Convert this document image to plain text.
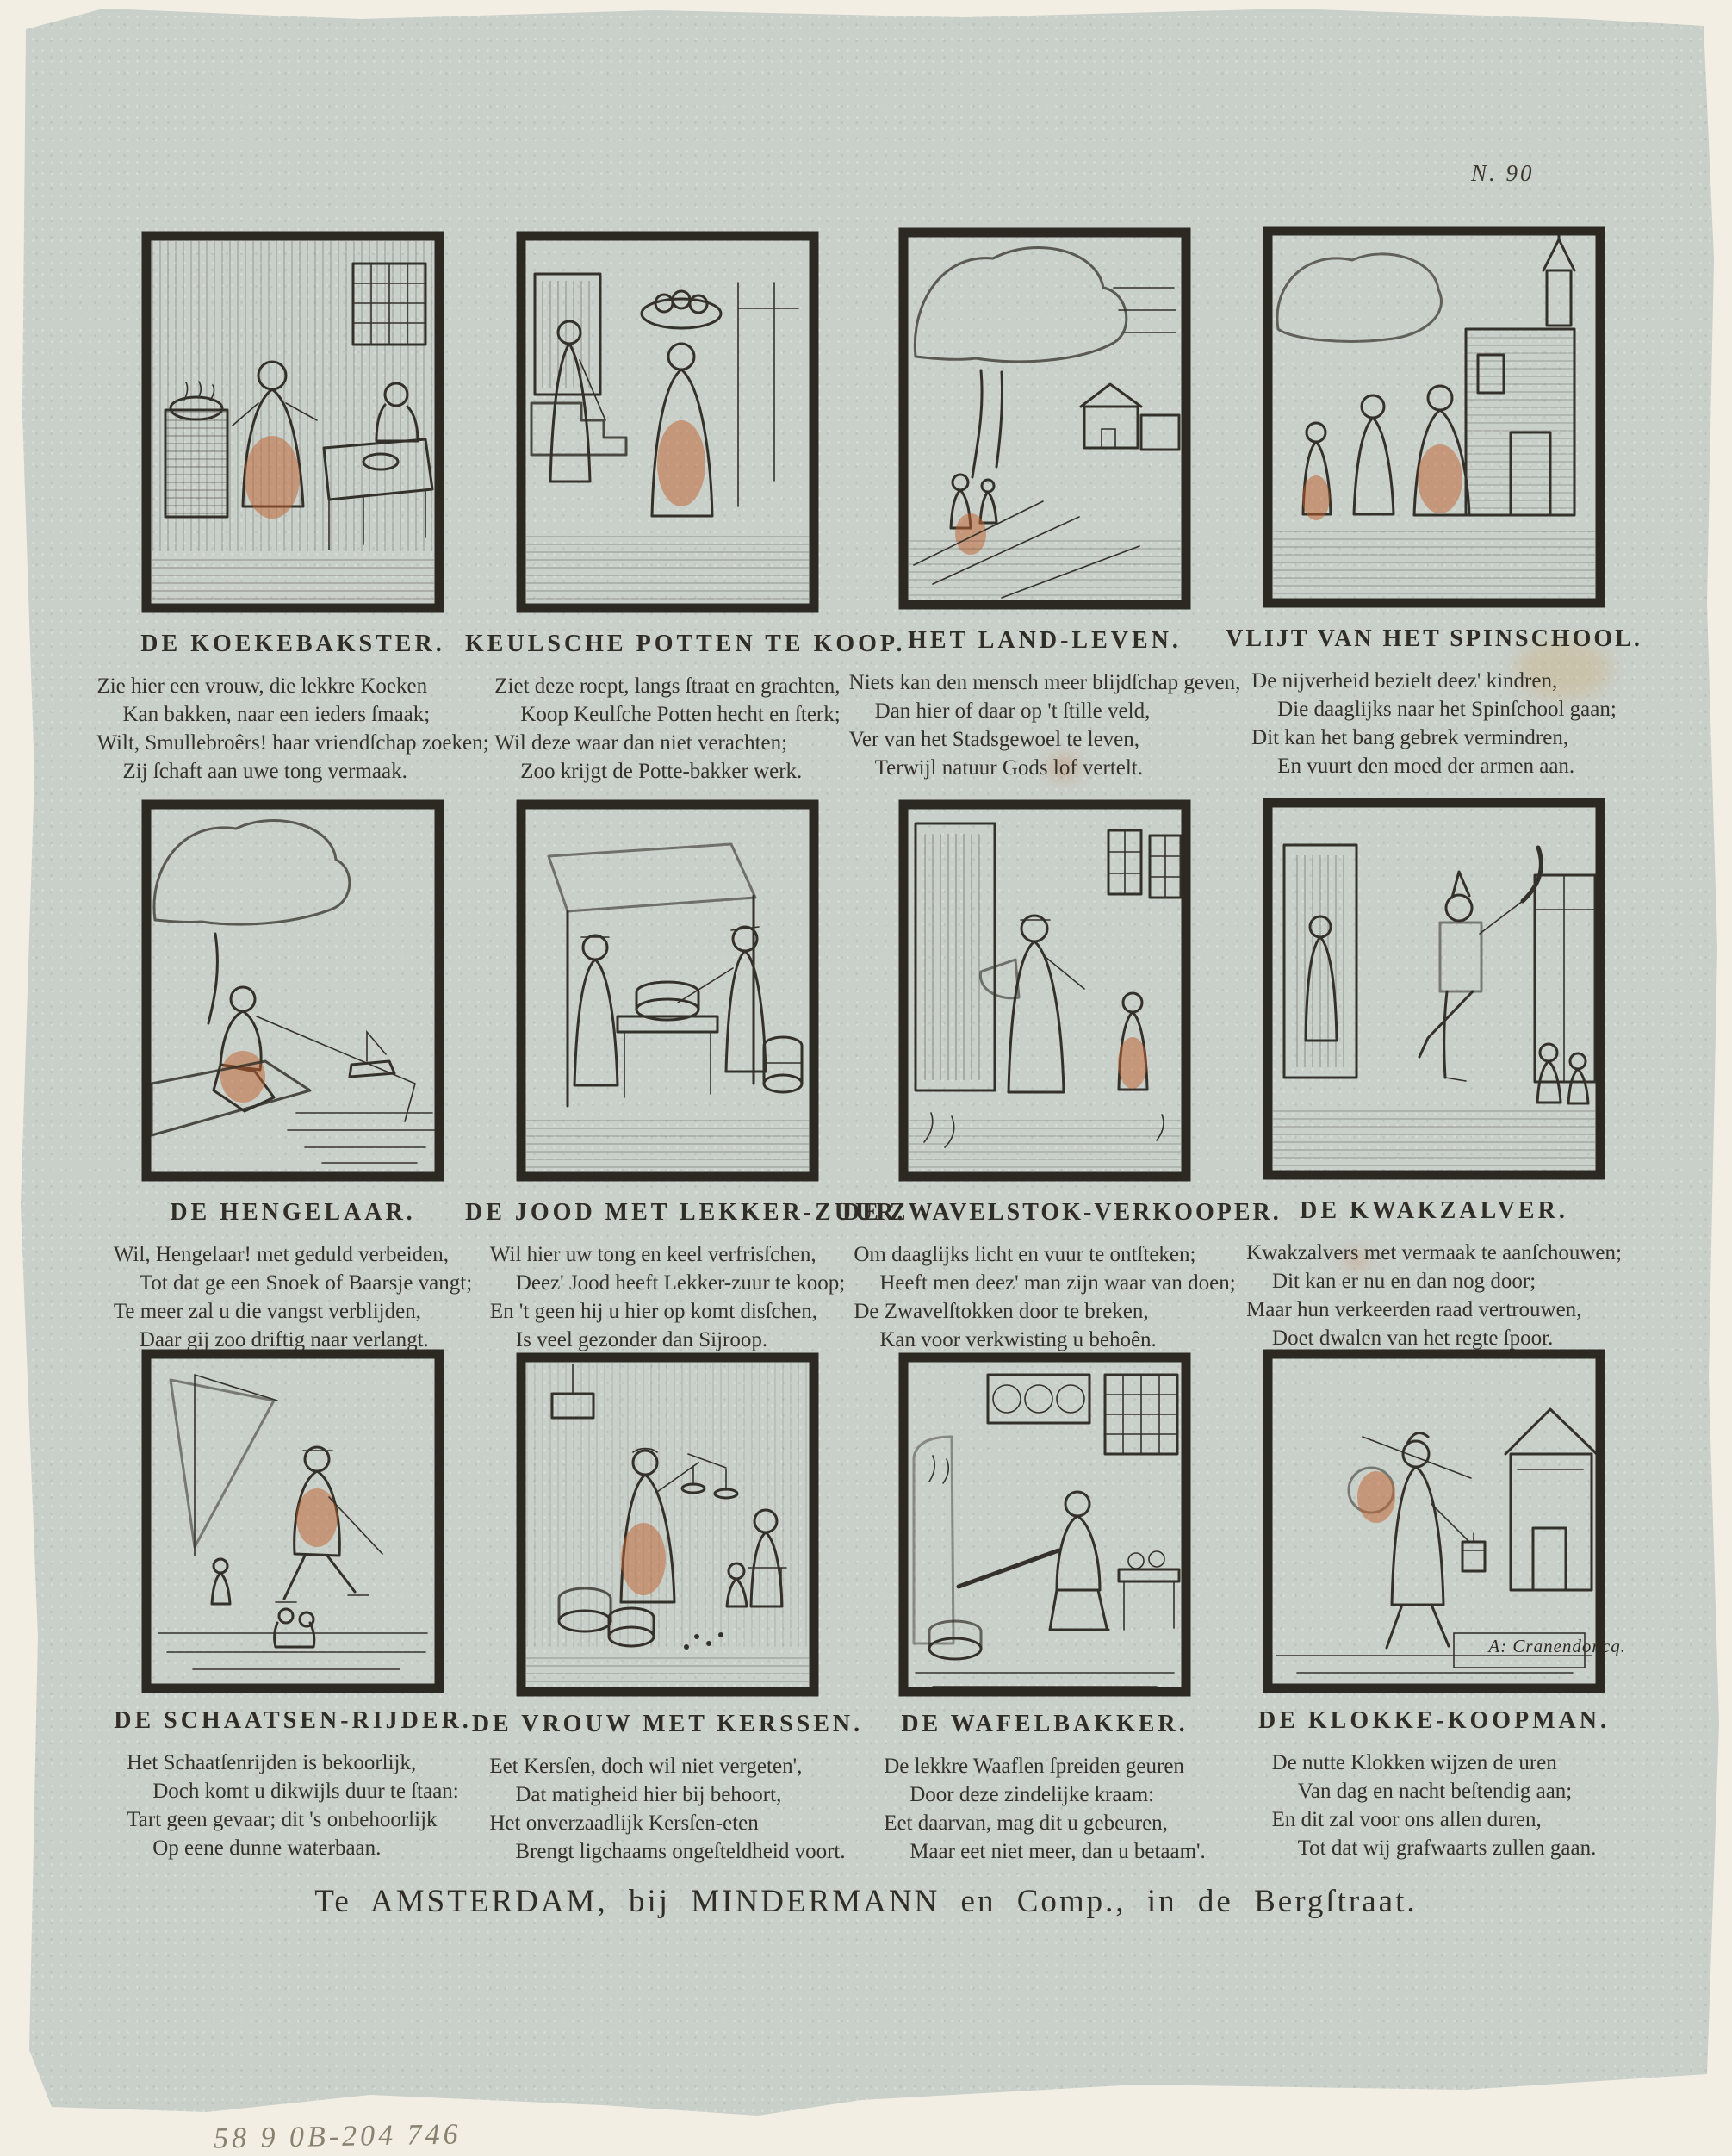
N. 90
DE KOEKEBAKSTER.
Zie hier een vrouw, die lekkre Koeken
Kan bakken, naar een ieders ſmaak;
Wilt, Smullebroêrs! haar vriendſchap zoeken;
Zij ſchaft aan uwe tong vermaak.
KEULSCHE POTTEN TE KOOP.
Ziet deze roept, langs ſtraat en grachten,
Koop Keulſche Potten hecht en ſterk;
Wil deze waar dan niet verachten;
Zoo krijgt de Potte-bakker werk.
HET LAND-LEVEN.
Niets kan den mensch meer blijdſchap geven,
Dan hier of daar op 't ſtille veld,
Ver van het Stadsgewoel te leven,
Terwijl natuur Gods lof vertelt.
VLIJT VAN HET SPINSCHOOL.
De nijverheid bezielt deez' kindren,
Die daaglijks naar het Spinſchool gaan;
Dit kan het bang gebrek vermindren,
En vuurt den moed der armen aan.
DE HENGELAAR.
Wil, Hengelaar! met geduld verbeiden,
Tot dat ge een Snoek of Baarsje vangt;
Te meer zal u die vangst verblijden,
Daar gij zoo driftig naar verlangt.
DE JOOD MET LEKKER-ZUUR.
Wil hier uw tong en keel verfrisſchen,
Deez' Jood heeft Lekker-zuur te koop;
En 't geen hij u hier op komt disſchen,
Is veel gezonder dan Sijroop.
DE ZWAVELSTOK-VERKOOPER.
Om daaglijks licht en vuur te ontſteken;
Heeft men deez' man zijn waar van doen;
De Zwavelſtokken door te breken,
Kan voor verkwisting u behoên.
DE KWAKZALVER.
Kwakzalvers met vermaak te aanſchouwen;
Dit kan er nu en dan nog door;
Maar hun verkeerden raad vertrouwen,
Doet dwalen van het regte ſpoor.
DE SCHAATSEN-RIJDER.
Het Schaatſenrijden is bekoorlijk,
Doch komt u dikwijls duur te ſtaan:
Tart geen gevaar; dit 's onbehoorlijk
Op eene dunne waterbaan.
DE VROUW MET KERSSEN.
Eet Kersſen, doch wil niet vergeten',
Dat matigheid hier bij behoort,
Het onverzaadlijk Kersſen-eten
Brengt ligchaams ongeſteldheid voort.
DE WAFELBAKKER.
De lekkre Waaflen ſpreiden geuren
Door deze zindelijke kraam:
Eet daarvan, mag dit u gebeuren,
Maar eet niet meer, dan u betaam'.
A: Cranendoncq.
DE KLOKKE-KOOPMAN.
De nutte Klokken wijzen de uren
Van dag en nacht beſtendig aan;
En dit zal voor ons allen duren,
Tot dat wij grafwaarts zullen gaan.
Te AMSTERDAM, bij MINDERMANN en Comp., in de Bergſtraat.
58 9 0B-204 746
